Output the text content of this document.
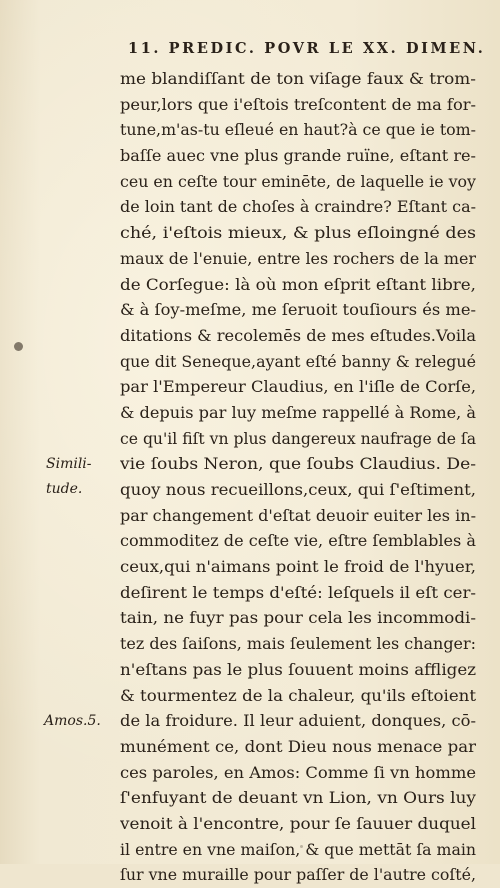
11. PREDIC. POVR LE XX. DIMEN.
Simili-
tude.
Amos.5.
„„ me blandiſſant de ton viſage faux & trom-
„„ peur,lors que i'eſtois treſcontent de ma for-
„„ tune,m'as-tu eſleué en haut?à ce que ie tom-
„„ baſſe auec vne plus grande ruïne, eſtant re-
„„ ceu en ceſte tour eminēte, de laquelle ie voy
„„ de loin tant de choſes à craindre? Eſtant ca-
„„ ché, i'eſtois mieux, & plus eſloingné des
„„ maux de l'enuie, entre les rochers de la mer
„„ de Corſegue: là où mon eſprit eſtant libre,
„„ & à ſoy-meſme, me ſeruoit touſiours és me-
„„ ditations & recolemēs de mes eſtudes.Voila
que dit Seneque,ayant eſté banny & relegué
par l'Empereur Claudius, en l'iſle de Corſe,
& depuis par luy meſme rappellé à Rome, à
ce qu'il fiſt vn plus dangereux naufrage de ſa
vie ſoubs Neron, que ſoubs Claudius. De-
quoy nous recueillons,ceux, qui ſ'eſtiment,
par changement d'eſtat deuoir euiter les in-
commoditez de ceſte vie, eſtre ſemblables à
ceux,qui n'aimans point le froid de l'hyuer,
deſirent le temps d'eſté: leſquels il eſt cer-
tain, ne fuyr pas pour cela les incommodi-
tez des ſaiſons, mais ſeulement les changer:
n'eſtans pas le plus ſouuent moins affligez
& tourmentez de la chaleur, qu'ils eſtoient
de la froidure. Il leur aduient, donques, cō-
munément ce, dont Dieu nous menace par
ces paroles, en Amos: Comme ſi vn homme
„„ ſ'enfuyant de deuant vn Lion, vn Ours luy
„„ venoit à l'encontre, pour ſe ſauuer duquel
„„ il entre en vne maiſon, & que mettāt ſa main
„„ ſur vne muraille pour paſſer de l'autre coſté,
